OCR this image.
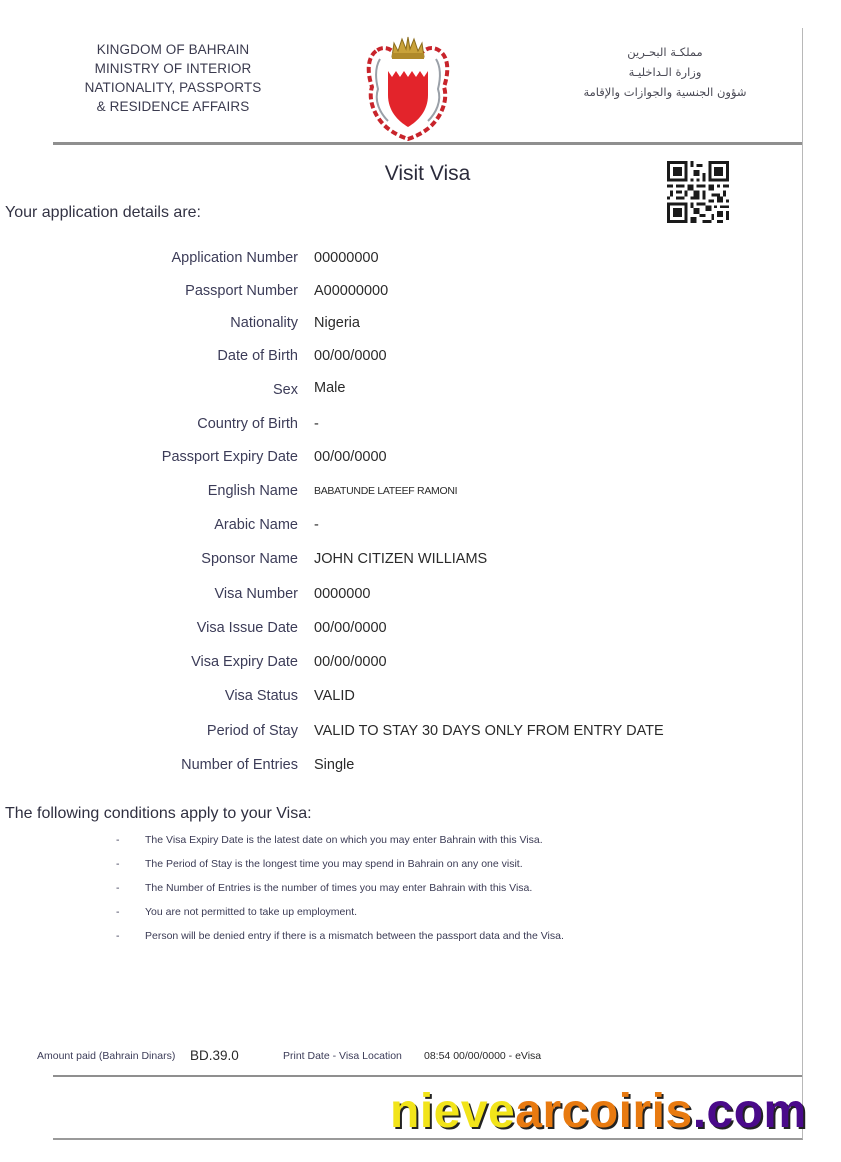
KINGDOM OF BAHRAIN
MINISTRY OF INTERIOR
NATIONALITY, PASSPORTS
& RESIDENCE AFFAIRS
مملكـة البحـرين
وزارة الـداخليـة
شؤون الجنسية والجوازات والإقامة
Visit Visa
Your application details are:
Application Number 00000000
Passport Number A00000000
Nationality Nigeria
Date of Birth 00/00/0000
Sex Male
Country of Birth -
Passport Expiry Date 00/00/0000
English Name BABATUNDE LATEEF RAMONI
Arabic Name -
Sponsor Name JOHN CITIZEN WILLIAMS
Visa Number 0000000
Visa Issue Date 00/00/0000
Visa Expiry Date 00/00/0000
Visa Status VALID
Period of Stay VALID TO STAY 30 DAYS ONLY FROM ENTRY DATE
Number of Entries Single
The following conditions apply to your Visa:
- The Visa Expiry Date is the latest date on which you may enter Bahrain with this Visa.
- The Period of Stay is the longest time you may spend in Bahrain on any one visit.
- The Number of Entries is the number of times you may enter Bahrain with this Visa.
- You are not permitted to take up employment.
- Person will be denied entry if there is a mismatch between the passport data and the Visa.
Amount paid (Bahrain Dinars) BD.39.0	Print Date - Visa Location 08:54 00/00/0000 - eVisa
nievearcoiris.com
